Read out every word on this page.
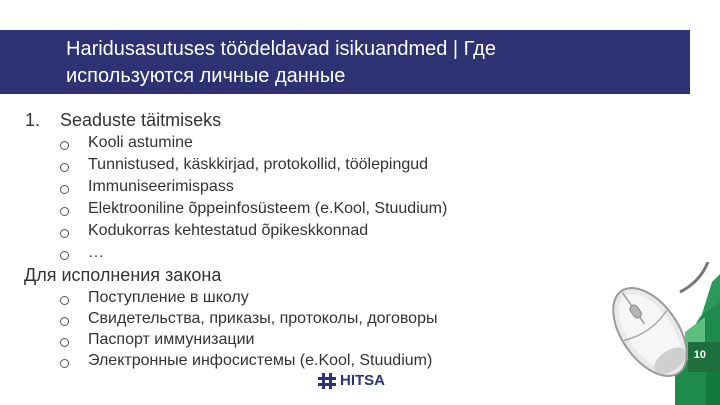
Haridusasutuses töödeldavad isikuandmed | Где
используются личные данные
1. Seaduste täitmiseks
Kooli astumine
Tunnistused, käskkirjad, protokollid, töölepingud
Immuniseerimispass
Elektrooniline õppeinfosüsteem (e.Kool, Stuudium)
Kodukorras kehtestatud õpikeskkonnad
…
Для исполнения закона
Поступление в школу
Свидетельства, приказы, протоколы, договоры
Паспорт иммунизации
Электронные инфосистемы (e.Kool, Stuudium)
HITSA
10
